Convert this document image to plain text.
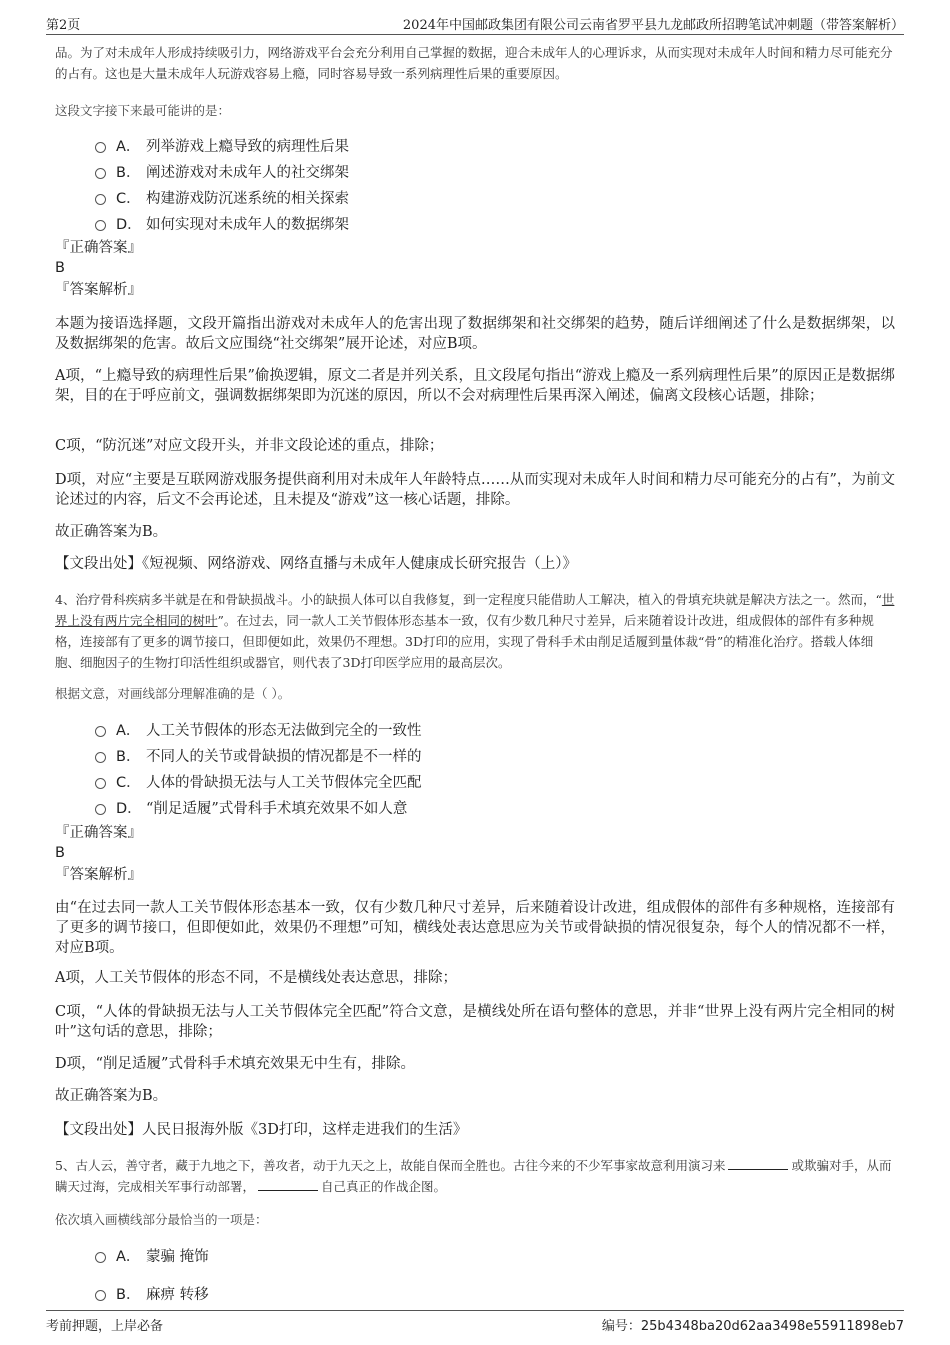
第2页	2024年中国邮政集团有限公司云南省罗平县九龙邮政所招聘笔试冲刺题（带答案解析）

品。为了对未成年人形成持续吸引力，网络游戏平台会充分利用自己掌握的数据，迎合未成年人的心理诉求，从而实现对未成年人时间和精力尽可能充分的占有。这也是大量未成年人玩游戏容易上瘾，同时容易导致一系列病理性后果的重要原因。

这段文字接下来最可能讲的是：

A． 列举游戏上瘾导致的病理性后果
B． 阐述游戏对未成年人的社交绑架
C． 构建游戏防沉迷系统的相关探索
D． 如何实现对未成年人的数据绑架

『正确答案』

B

『答案解析』

本题为接语选择题，文段开篇指出游戏对未成年人的危害出现了数据绑架和社交绑架的趋势，随后详细阐述了什么是数据绑架，以及数据绑架的危害。故后文应围绕“社交绑架”展开论述，对应B项。

A项，“上瘾导致的病理性后果”偷换逻辑，原文二者是并列关系，且文段尾句指出“游戏上瘾及一系列病理性后果”的原因正是数据绑架，目的在于呼应前文，强调数据绑架即为沉迷的原因，所以不会对病理性后果再深入阐述，偏离文段核心话题，排除；

C项，“防沉迷”对应文段开头，并非文段论述的重点，排除；

D项，对应“主要是互联网游戏服务提供商利用对未成年人年龄特点……从而实现对未成年人时间和精力尽可能充分的占有”，为前文论述过的内容，后文不会再论述，且未提及“游戏”这一核心话题，排除。

故正确答案为B。

【文段出处】《短视频、网络游戏、网络直播与未成年人健康成长研究报告（上）》

4、治疗骨科疾病多半就是在和骨缺损战斗。小的缺损人体可以自我修复，到一定程度只能借助人工解决，植入的骨填充块就是解决方法之一。然而，“世界上没有两片完全相同的树叶”。在过去，同一款人工关节假体形态基本一致，仅有少数几种尺寸差异，后来随着设计改进，组成假体的部件有多种规格，连接部有了更多的调节接口，但即便如此，效果仍不理想。3D打印的应用，实现了骨科手术由削足适履到量体裁“骨”的精准化治疗。搭载人体细胞、细胞因子的生物打印活性组织或器官，则代表了3D打印医学应用的最高层次。

根据文意，对画线部分理解准确的是（ ）。

A． 人工关节假体的形态无法做到完全的一致性
B． 不同人的关节或骨缺损的情况都是不一样的
C． 人体的骨缺损无法与人工关节假体完全匹配
D． “削足适履”式骨科手术填充效果不如人意

『正确答案』

B

『答案解析』

由“在过去同一款人工关节假体形态基本一致，仅有少数几种尺寸差异，后来随着设计改进，组成假体的部件有多种规格，连接部有了更多的调节接口，但即便如此，效果仍不理想”可知，横线处表达意思应为关节或骨缺损的情况很复杂，每个人的情况都不一样，对应B项。

A项，人工关节假体的形态不同，不是横线处表达意思，排除；

C项，“人体的骨缺损无法与人工关节假体完全匹配”符合文意，是横线处所在语句整体的意思，并非“世界上没有两片完全相同的树叶”这句话的意思，排除；

D项，“削足适履”式骨科手术填充效果无中生有，排除。

故正确答案为B。

【文段出处】人民日报海外版《3D打印，这样走进我们的生活》

5、古人云，善守者，藏于九地之下，善攻者，动于九天之上，故能自保而全胜也。古往今来的不少军事家故意利用演习来	或欺骗对手，从而瞒天过海，完成相关军事行动部署，	自己真正的作战企图。

依次填入画横线部分最恰当的一项是：

A． 蒙骗 掩饰
B． 麻痹 转移
考前押题，上岸必备	编号：25b4348ba20d62aa3498e55911898eb7
